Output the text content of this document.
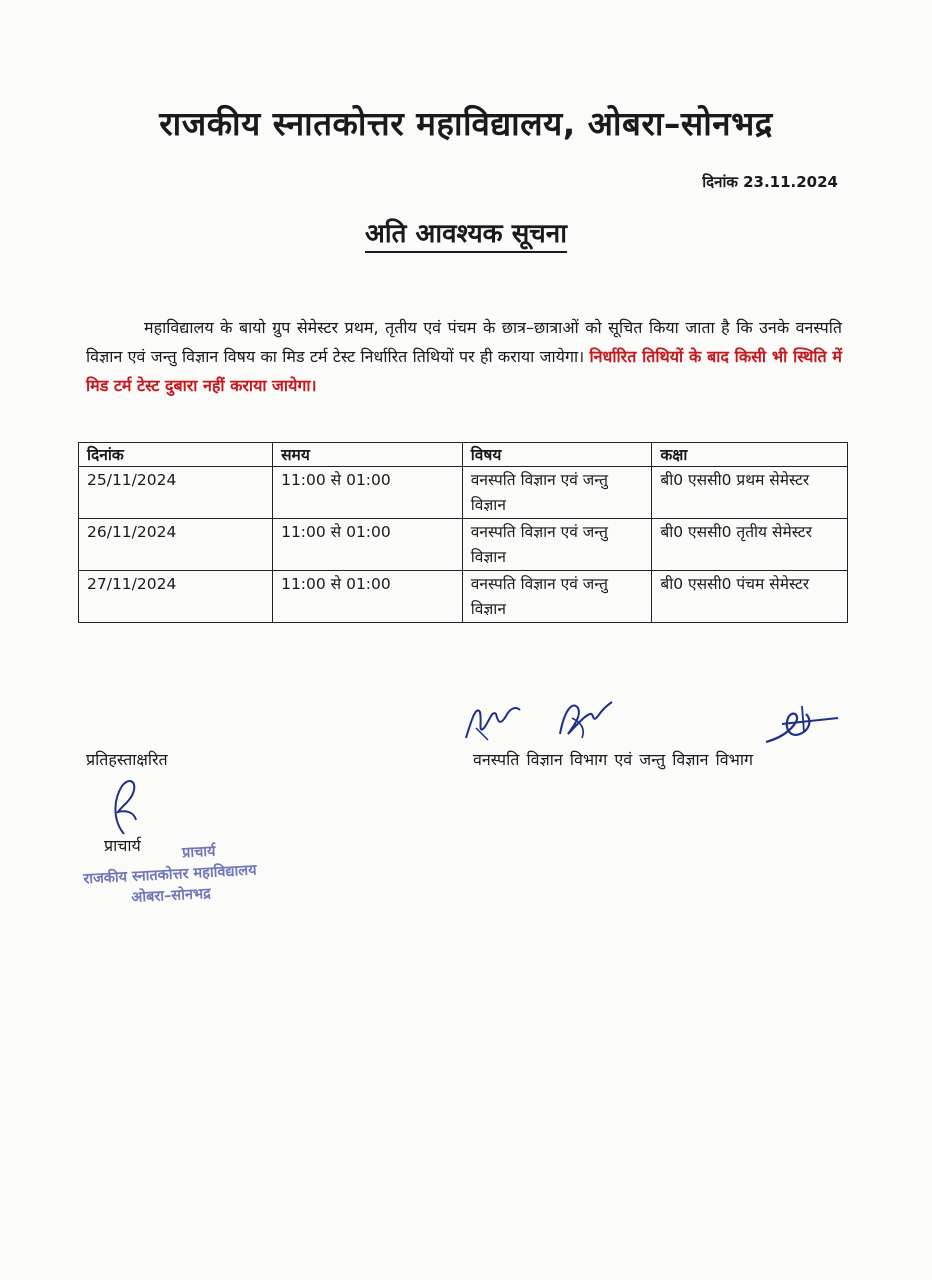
राजकीय स्नातकोत्तर महाविद्यालय, ओबरा–सोनभद्र
दिनांक 23.11.2024
अति आवश्यक सूचना
महाविद्यालय के बायो ग्रुप सेमेस्टर प्रथम, तृतीय एवं पंचम के छात्र–छात्राओं को सूचित किया जाता है कि उनके वनस्पति विज्ञान एवं जन्तु विज्ञान विषय का मिड टर्म टेस्ट निर्धारित तिथियों पर ही कराया जायेगा। निर्धारित तिथियों के बाद किसी भी स्थिति में मिड टर्म टेस्ट दुबारा नहीं कराया जायेगा।
दिनांक	समय	विषय	कक्षा
25/11/2024	11:00 से 01:00	वनस्पति विज्ञान एवं जन्तु विज्ञान	बी0 एससी0 प्रथम सेमेस्टर
26/11/2024	11:00 से 01:00	वनस्पति विज्ञान एवं जन्तु विज्ञान	बी0 एससी0 तृतीय सेमेस्टर
27/11/2024	11:00 से 01:00	वनस्पति विज्ञान एवं जन्तु विज्ञान	बी0 एससी0 पंचम सेमेस्टर
प्रतिहस्ताक्षरित	वनस्पति विज्ञान विभाग एवं जन्तु विज्ञान विभाग
प्राचार्य	प्राचार्य
राजकीय स्नातकोत्तर महाविद्यालय
ओबरा–सोनभद्र
